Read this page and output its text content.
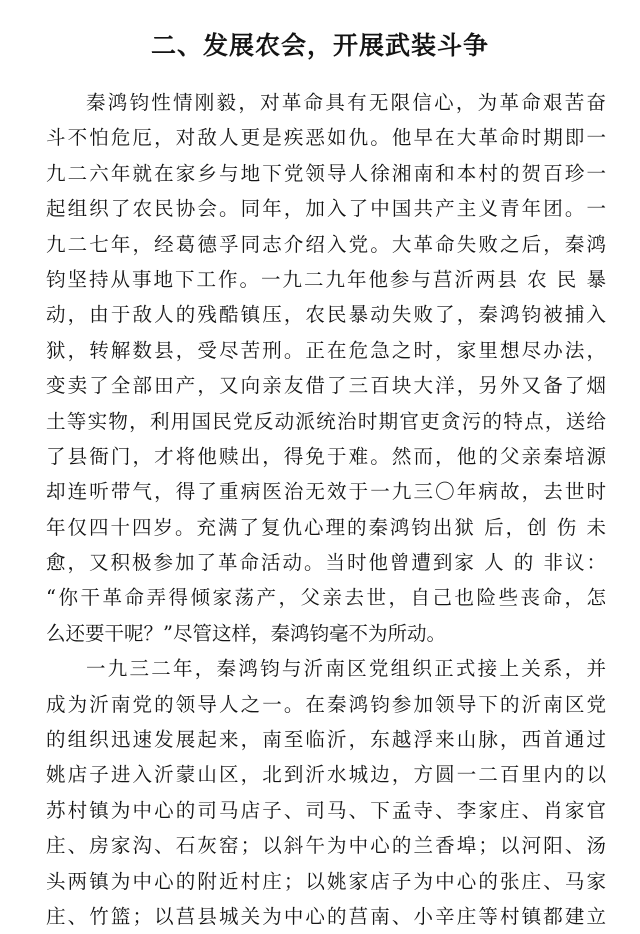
二、发展农会，开展武装斗争
秦鸿钧性情刚毅，对革命具有无限信心，为革命艰苦奋
斗不怕危厄，对敌人更是疾恶如仇。他早在大革命时期即一
九二六年就在家乡与地下党领导人徐湘南和本村的贺百珍一
起组织了农民协会。同年，加入了中国共产主义青年团。一
九二七年，经葛德孚同志介绍入党。大革命失败之后，秦鸿
钧坚持从事地下工作。一九二九年他参与莒沂两县 农 民 暴
动，由于敌人的残酷镇压，农民暴动失败了，秦鸿钧被捕入
狱，转解数县，受尽苦刑。正在危急之时，家里想尽办法，
变卖了全部田产，又向亲友借了三百块大洋，另外又备了烟
土等实物，利用国民党反动派统治时期官吏贪污的特点，送给
了县衙门，才将他赎出，得免于难。然而，他的父亲秦培源
却连听带气，得了重病医治无效于一九三〇年病故，去世时
年仅四十四岁。充满了复仇心理的秦鸿钧出狱 后，创 伤 未
愈，又积极参加了革命活动。当时他曾遭到家 人 的 非议：
“你干革命弄得倾家荡产，父亲去世，自己也险些丧命，怎
么还要干呢？”尽管这样，秦鸿钧毫不为所动。
一九三二年，秦鸿钧与沂南区党组织正式接上关系，并
成为沂南党的领导人之一。在秦鸿钧参加领导下的沂南区党
的组织迅速发展起来，南至临沂，东越浮来山脉，西首通过
姚店子进入沂蒙山区，北到沂水城边，方圆一二百里内的以
苏村镇为中心的司马店子、司马、下孟寺、李家庄、肖家官
庄、房家沟、石灰窑；以斜午为中心的兰香埠；以河阳、汤
头两镇为中心的附近村庄；以姚家店子为中心的张庄、马家
庄、竹篮；以莒县城关为中心的莒南、小辛庄等村镇都建立
